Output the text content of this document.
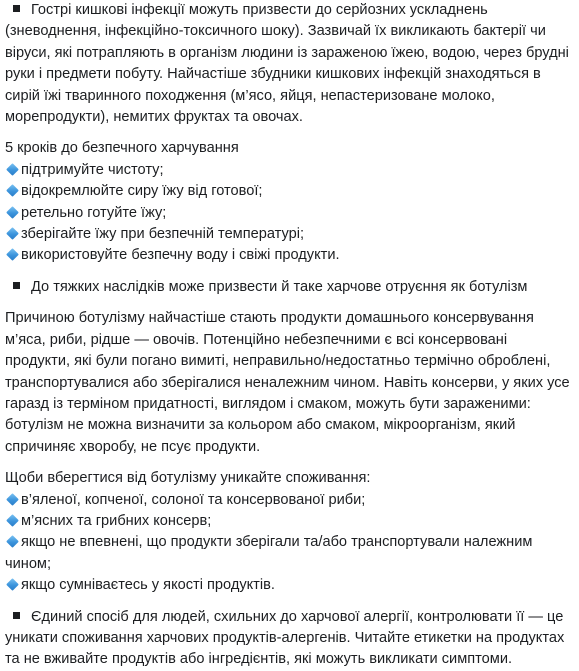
Гострі кишкові інфекції можуть призвести до серйозних ускладнень (зневоднення, інфекційно-токсичного шоку). Зазвичай їх викликають бактерії чи віруси, які потрапляють в організм людини із зараженою їжею, водою, через брудні руки і предмети побуту. Найчастіше збудники кишкових інфекцій знаходяться в сирій їжі тваринного походження (м’ясо, яйця, непастеризоване молоко, морепродукти), немитих фруктах та овочах.

5 кроків до безпечного харчування
підтримуйте чистоту;
відокремлюйте сиру їжу від готової;
ретельно готуйте їжу;
зберігайте їжу при безпечній температурі;
використовуйте безпечну воду і свіжі продукти.

До тяжких наслідків може призвести й таке харчове отруєння як ботулізм

Причиною ботулізму найчастіше стають продукти домашнього консервування м’яса, риби, рідше — овочів. Потенційно небезпечними є всі консервовані продукти, які були погано вимиті, неправильно/недостатньо термічно оброблені, транспортувалися або зберігалися неналежним чином. Навіть консерви, у яких усе гаразд із терміном придатності, виглядом і смаком, можуть бути зараженими: ботулізм не можна визначити за кольором або смаком, мікроорганізм, який спричиняє хворобу, не псує продукти.

Щоби вберегтися від ботулізму уникайте споживання:
в’яленої, копченої, солоної та консервованої риби;
м’ясних та грибних консерв;
якщо не впевнені, що продукти зберігали та/або транспортували належним чином;
якщо сумніваєтесь у якості продуктів.

Єдиний спосіб для людей, схильних до харчової алергії, контролювати її — це уникати споживання харчових продуктів-алергенів. Читайте етикетки на продуктах та не вживайте продуктів або інгредієнтів, які можуть викликати симптоми.
